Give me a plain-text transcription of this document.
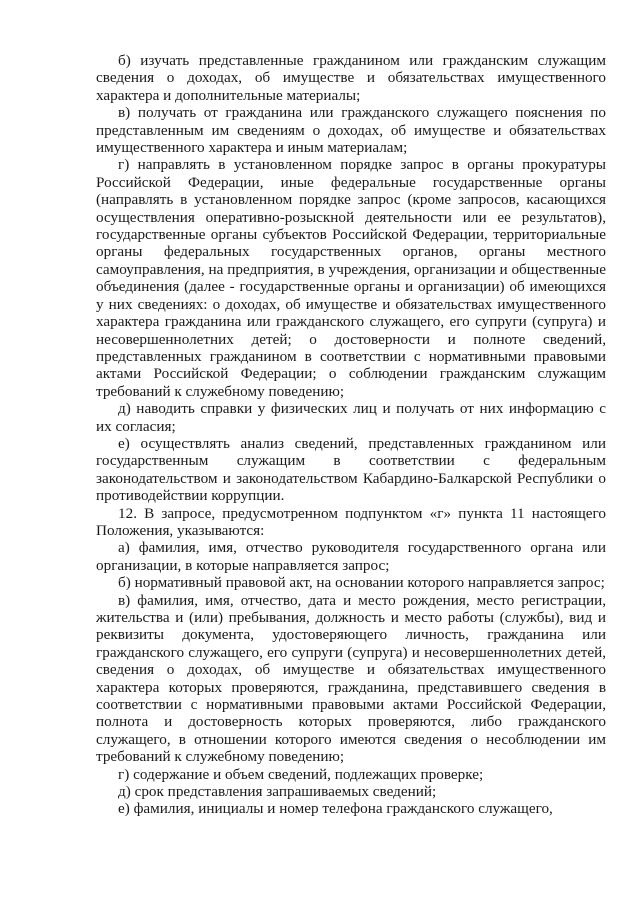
б) изучать представленные гражданином или гражданским служащим сведения о доходах, об имуществе и обязательствах имущественного характера и дополнительные материалы;

в) получать от гражданина или гражданского служащего пояснения по представленным им сведениям о доходах, об имуществе и обязательствах имущественного характера и иным материалам;

г) направлять в установленном порядке запрос в органы прокуратуры Российской Федерации, иные федеральные государственные органы (направлять в установленном порядке запрос (кроме запросов, касающихся осуществления оперативно-розыскной деятельности или ее результатов), государственные органы субъектов Российской Федерации, территориальные органы федеральных государственных органов, органы местного самоуправления, на предприятия, в учреждения, организации и общественные объединения (далее - государственные органы и организации) об имеющихся у них сведениях: о доходах, об имуществе и обязательствах имущественного характера гражданина или гражданского служащего, его супруги (супруга) и несовершеннолетних детей; о достоверности и полноте сведений, представленных гражданином в соответствии с нормативными правовыми актами Российской Федерации; о соблюдении гражданским служащим требований к служебному поведению;

д) наводить справки у физических лиц и получать от них информацию с их согласия;

е) осуществлять анализ сведений, представленных гражданином или государственным служащим в соответствии с федеральным законодательством и законодательством Кабардино-Балкарской Республики о противодействии коррупции.

12. В запросе, предусмотренном подпунктом «г» пункта 11 настоящего Положения, указываются:

а) фамилия, имя, отчество руководителя государственного органа или организации, в которые направляется запрос;

б) нормативный правовой акт, на основании которого направляется запрос;

в) фамилия, имя, отчество, дата и место рождения, место регистрации, жительства и (или) пребывания, должность и место работы (службы), вид и реквизиты документа, удостоверяющего личность, гражданина или гражданского служащего, его супруги (супруга) и несовершеннолетних детей, сведения о доходах, об имуществе и обязательствах имущественного характера которых проверяются, гражданина, представившего сведения в соответствии с нормативными правовыми актами Российской Федерации, полнота и достоверность которых проверяются, либо гражданского служащего, в отношении которого имеются сведения о несоблюдении им требований к служебному поведению;

г) содержание и объем сведений, подлежащих проверке;

д) срок представления запрашиваемых сведений;

е) фамилия, инициалы и номер телефона гражданского служащего,
